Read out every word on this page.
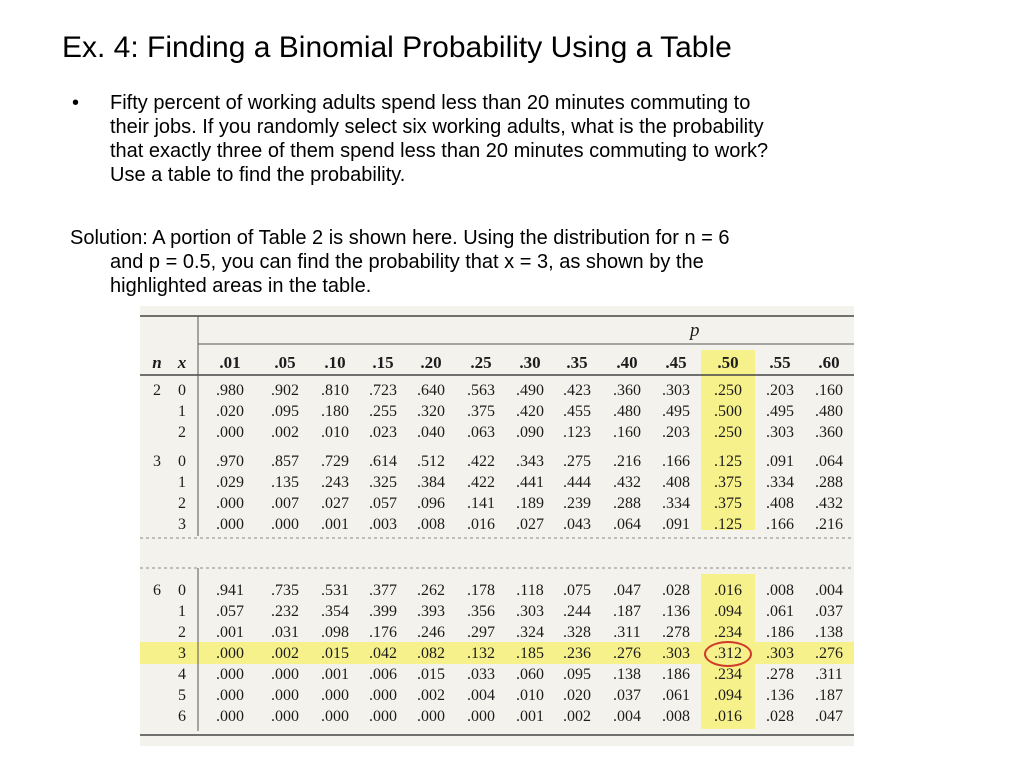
Ex. 4: Finding a Binomial Probability Using a Table
• Fifty percent of working adults spend less than 20 minutes commuting to
their jobs. If you randomly select six working adults, what is the probability
that exactly three of them spend less than 20 minutes commuting to work?
Use a table to find the probability.
Solution: A portion of Table 2 is shown here. Using the distribution for n = 6
and p = 0.5, you can find the probability that x = 3, as shown by the
highlighted areas in the table.
p
n x	.01	.05	.10	.15	.20	.25	.30	.35	.40	.45	.50	.55	.60
2	0	.980	.902	.810	.723	.640	.563	.490	.423	.360	.303	.250	.203	.160
1	.020	.095	.180	.255	.320	.375	.420	.455	.480	.495	.500	.495	.480
2	.000	.002	.010	.023	.040	.063	.090	.123	.160	.203	.250	.303	.360
3	0	.970	.857	.729	.614	.512	.422	.343	.275	.216	.166	.125	.091	.064
1	.029	.135	.243	.325	.384	.422	.441	.444	.432	.408	.375	.334	.288
2	.000	.007	.027	.057	.096	.141	.189	.239	.288	.334	.375	.408	.432
3	.000	.000	.001	.003	.008	.016	.027	.043	.064	.091	.125	.166	.216
6	0	.941	.735	.531	.377	.262	.178	.118	.075	.047	.028	.016	.008	.004
1	.057	.232	.354	.399	.393	.356	.303	.244	.187	.136	.094	.061	.037
2	.001	.031	.098	.176	.246	.297	.324	.328	.311	.278	.234	.186	.138
3	.000	.002	.015	.042	.082	.132	.185	.236	.276	.303	.312	.303	.276
4	.000	.000	.001	.006	.015	.033	.060	.095	.138	.186	.234	.278	.311
5	.000	.000	.000	.000	.002	.004	.010	.020	.037	.061	.094	.136	.187
6	.000	.000	.000	.000	.000	.000	.001	.002	.004	.008	.016	.028	.047
